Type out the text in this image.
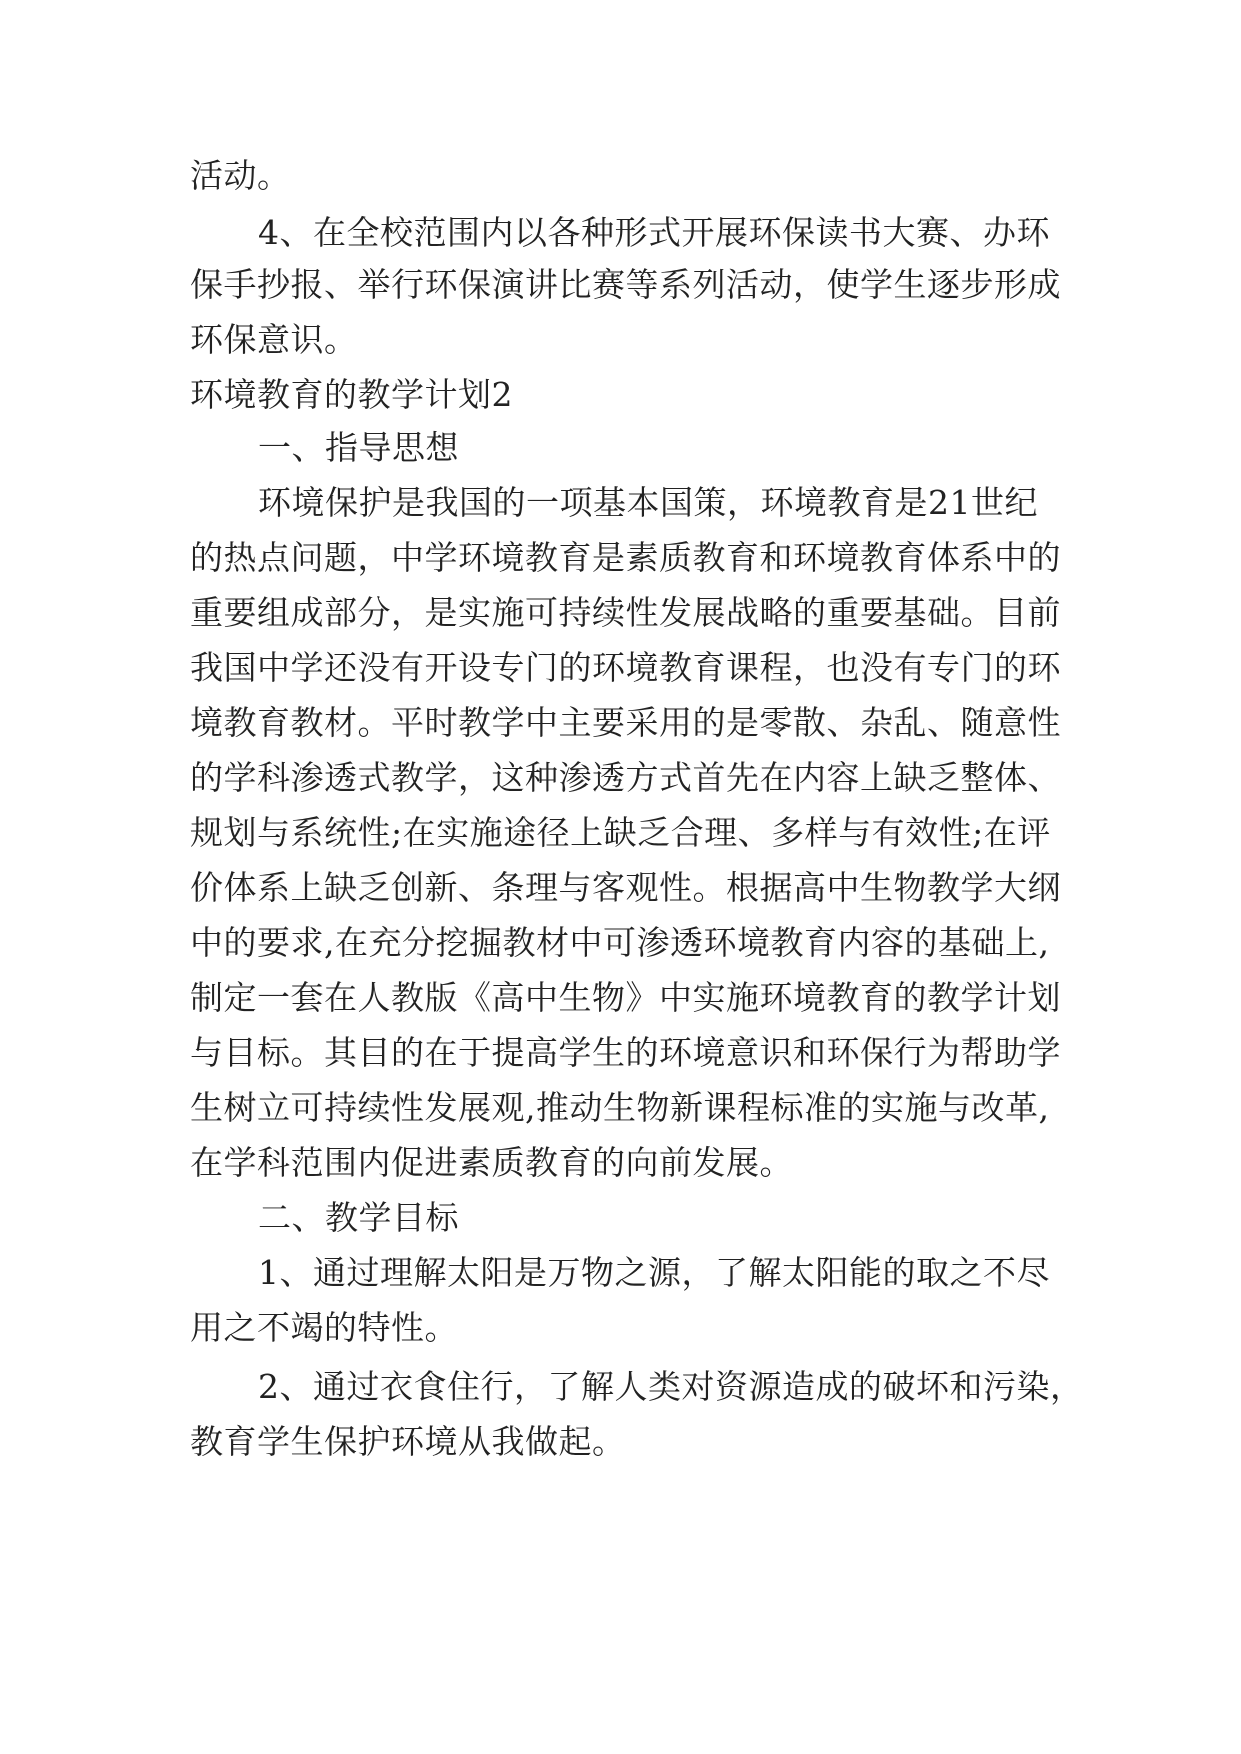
活动。
4、在全校范围内以各种形式开展环保读书大赛、办环
保手抄报、举行环保演讲比赛等系列活动，使学生逐步形成
环保意识。
环境教育的教学计划2
一、指导思想
环境保护是我国的一项基本国策，环境教育是21世纪
的热点问题，中学环境教育是素质教育和环境教育体系中的
重要组成部分，是实施可持续性发展战略的重要基础。目前
我国中学还没有开设专门的环境教育课程，也没有专门的环
境教育教材。平时教学中主要采用的是零散、杂乱、随意性
的学科渗透式教学，这种渗透方式首先在内容上缺乏整体、
规划与系统性;在实施途径上缺乏合理、多样与有效性;在评
价体系上缺乏创新、条理与客观性。根据高中生物教学大纲
中的要求,在充分挖掘教材中可渗透环境教育内容的基础上,
制定一套在人教版《高中生物》中实施环境教育的教学计划
与目标。其目的在于提高学生的环境意识和环保行为帮助学
生树立可持续性发展观,推动生物新课程标准的实施与改革,
在学科范围内促进素质教育的向前发展。
二、教学目标
1、通过理解太阳是万物之源，了解太阳能的取之不尽
用之不竭的特性。
2、通过衣食住行，了解人类对资源造成的破坏和污染，
教育学生保护环境从我做起。
